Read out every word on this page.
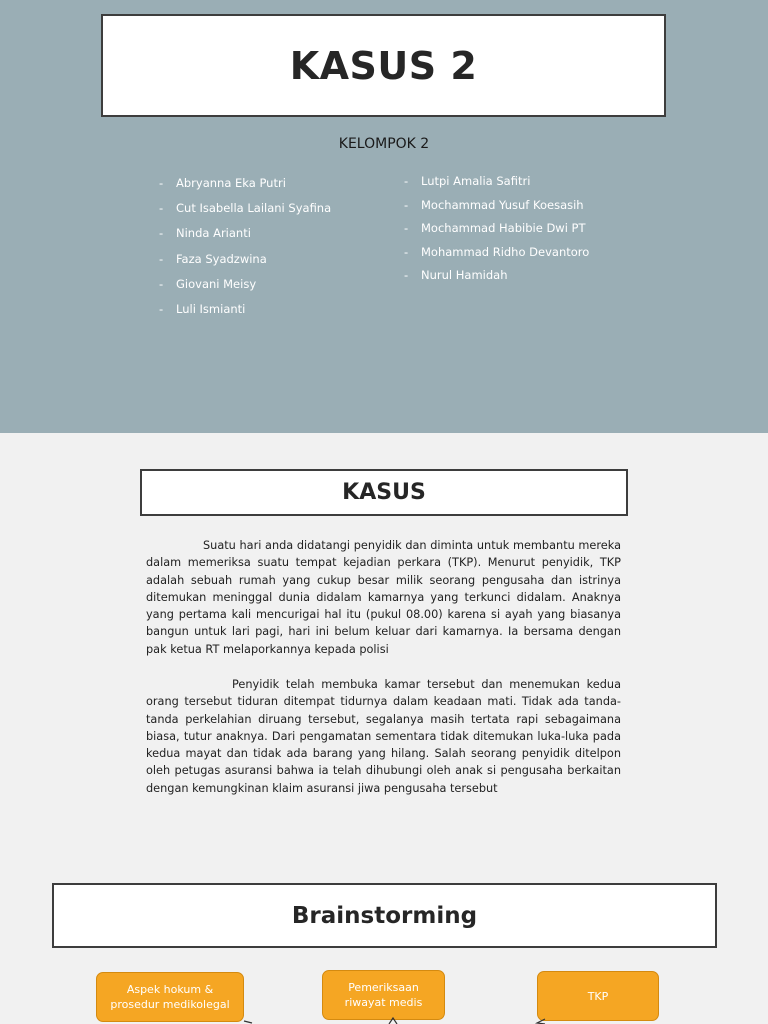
KASUS 2
KELOMPOK 2
- Abryanna Eka Putri
- Cut Isabella Lailani Syafina
- Ninda Arianti
- Faza Syadzwina
- Giovani Meisy
- Luli Ismianti
- Lutpi Amalia Safitri
- Mochammad Yusuf Koesasih
- Mochammad Habibie Dwi PT
- Mohammad Ridho Devantoro
- Nurul Hamidah
KASUS

Suatu hari anda didatangi penyidik dan diminta untuk membantu mereka dalam memeriksa suatu tempat kejadian perkara (TKP). Menurut penyidik, TKP adalah sebuah rumah yang cukup besar milik seorang pengusaha dan istrinya ditemukan meninggal dunia didalam kamarnya yang terkunci didalam. Anaknya yang pertama kali mencurigai hal itu (pukul 08.00) karena si ayah yang biasanya bangun untuk lari pagi, hari ini belum keluar dari kamarnya. Ia bersama dengan pak ketua RT melaporkannya kepada polisi

Penyidik telah membuka kamar tersebut dan menemukan kedua orang tersebut tiduran ditempat tidurnya dalam keadaan mati. Tidak ada tanda-tanda perkelahian diruang tersebut, segalanya masih tertata rapi sebagaimana biasa, tutur anaknya. Dari pengamatan sementara tidak ditemukan luka-luka pada kedua mayat dan tidak ada barang yang hilang. Salah seorang penyidik ditelpon oleh petugas asuransi bahwa ia telah dihubungi oleh anak si pengusaha berkaitan dengan kemungkinan klaim asuransi jiwa pengusaha tersebut

Brainstorming
Aspek hokum & prosedur medikolegal
Pemeriksaan riwayat medis	TKP
